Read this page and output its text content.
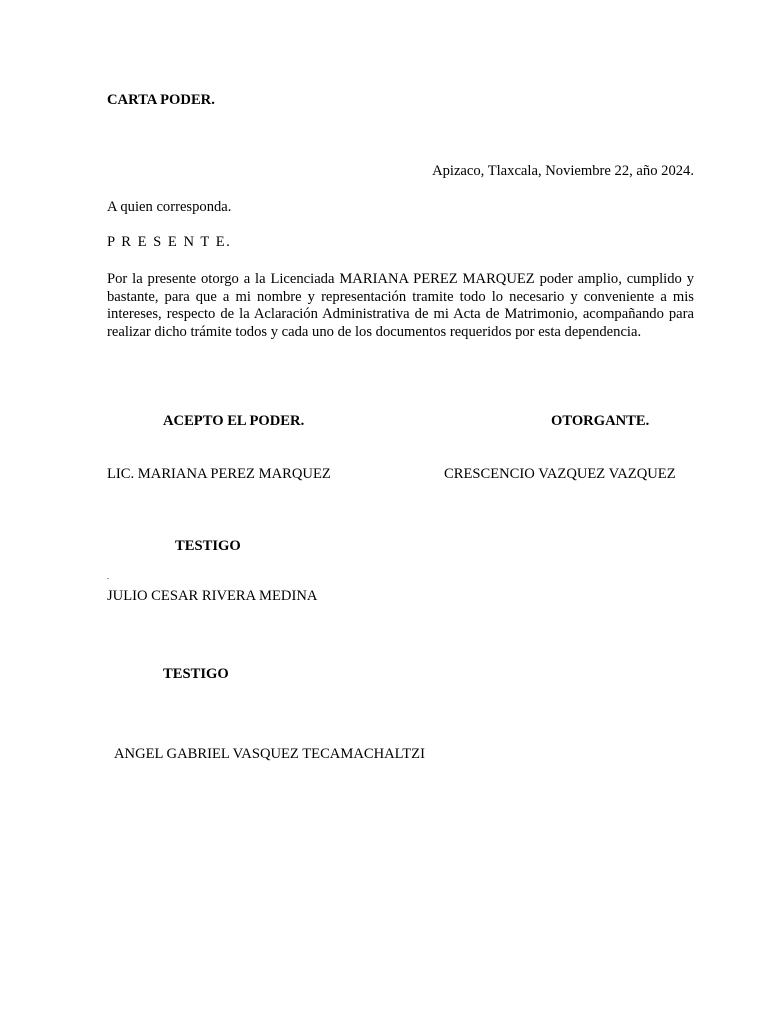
CARTA PODER.
Apizaco, Tlaxcala, Noviembre 22, año 2024.
A quien corresponda.
P R E S E N T E.
Por la presente otorgo a la Licenciada MARIANA PEREZ MARQUEZ poder amplio, cumplido y bastante, para que a mi nombre y representación tramite todo lo necesario y conveniente a mis intereses, respecto de la Aclaración Administrativa de mi Acta de Matrimonio, acompañando para realizar dicho trámite todos y cada uno de los documentos requeridos por esta dependencia.
ACEPTO EL PODER.	OTORGANTE.
LIC. MARIANA PEREZ MARQUEZ	CRESCENCIO VAZQUEZ VAZQUEZ
TESTIGO
.
JULIO CESAR RIVERA MEDINA
TESTIGO
ANGEL GABRIEL VASQUEZ TECAMACHALTZI
